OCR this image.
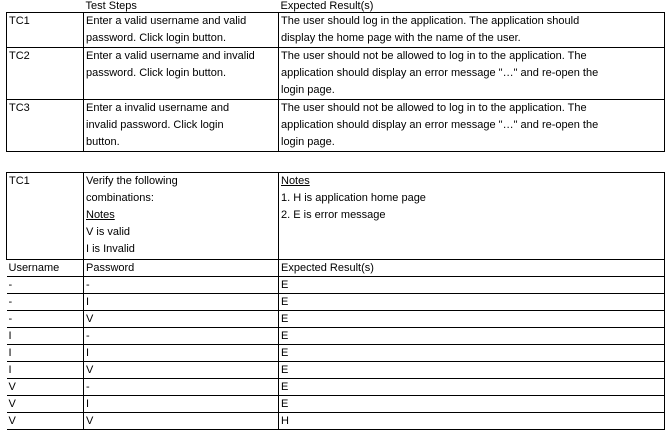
	Test Steps	Expected Result(s)
TC1	Enter a valid username and valid
password. Click login button.	The user should log in the application. The application should
display the home page with the name of the user.

TC2	Enter a valid username and invalid
password. Click login button.	The user should not be allowed to log in to the application. The
application should display an error message "…" and re-open the
login page.

TC3	Enter a invalid username and
invalid password. Click login
button.	The user should not be allowed to log in to the application. The
application should display an error message "…" and re-open the
login page.
TC1	Verify the following
combinations:
Notes
V is valid
I is Invalid	Notes
1. H is application home page
2. E is error message

Username	Password	Expected Result(s)
-	-	E
-	I	E
-	V	E
I	-	E
I	I	E
I	V	E
V	-	E
V	I	E
V	V	H
